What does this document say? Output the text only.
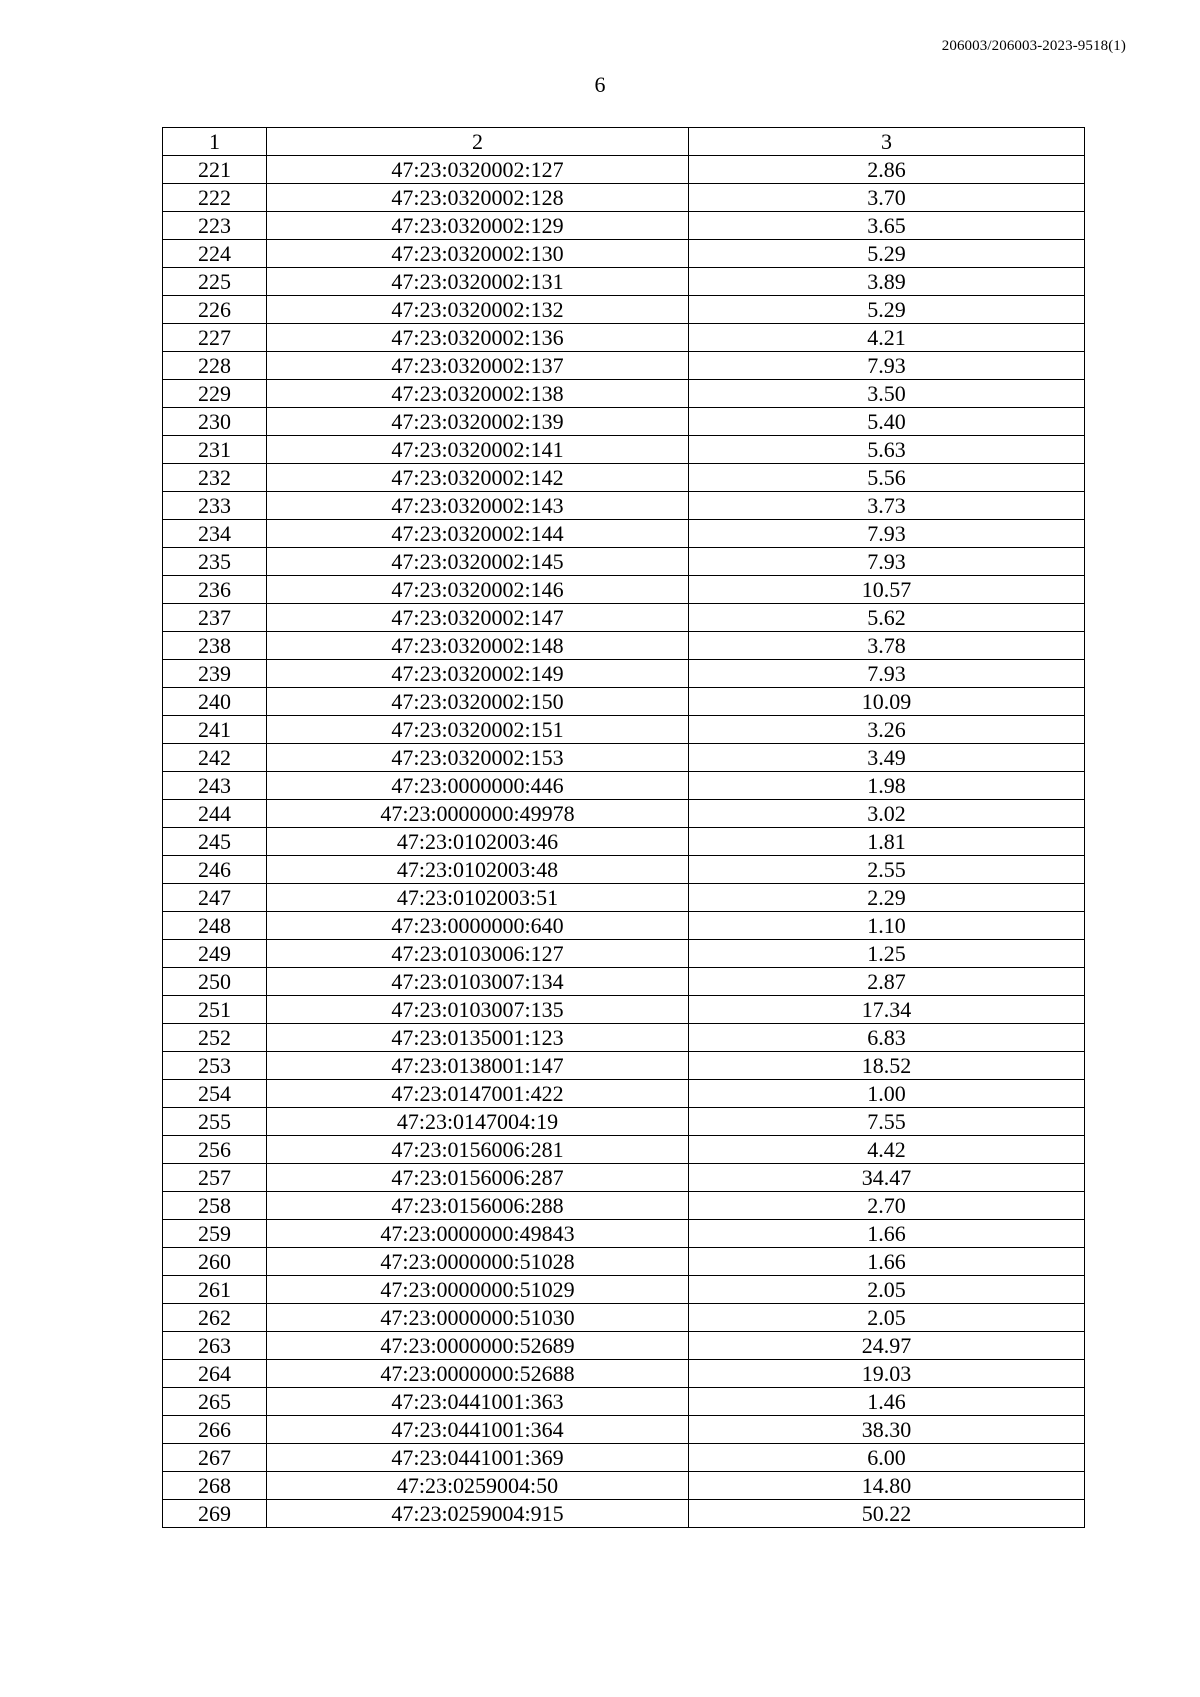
206003/206003-2023-9518(1)
6
1	2	3
221	47:23:0320002:127	2.86
222	47:23:0320002:128	3.70
223	47:23:0320002:129	3.65
224	47:23:0320002:130	5.29
225	47:23:0320002:131	3.89
226	47:23:0320002:132	5.29
227	47:23:0320002:136	4.21
228	47:23:0320002:137	7.93
229	47:23:0320002:138	3.50
230	47:23:0320002:139	5.40
231	47:23:0320002:141	5.63
232	47:23:0320002:142	5.56
233	47:23:0320002:143	3.73
234	47:23:0320002:144	7.93
235	47:23:0320002:145	7.93
236	47:23:0320002:146	10.57
237	47:23:0320002:147	5.62
238	47:23:0320002:148	3.78
239	47:23:0320002:149	7.93
240	47:23:0320002:150	10.09
241	47:23:0320002:151	3.26
242	47:23:0320002:153	3.49
243	47:23:0000000:446	1.98
244	47:23:0000000:49978	3.02
245	47:23:0102003:46	1.81
246	47:23:0102003:48	2.55
247	47:23:0102003:51	2.29
248	47:23:0000000:640	1.10
249	47:23:0103006:127	1.25
250	47:23:0103007:134	2.87
251	47:23:0103007:135	17.34
252	47:23:0135001:123	6.83
253	47:23:0138001:147	18.52
254	47:23:0147001:422	1.00
255	47:23:0147004:19	7.55
256	47:23:0156006:281	4.42
257	47:23:0156006:287	34.47
258	47:23:0156006:288	2.70
259	47:23:0000000:49843	1.66
260	47:23:0000000:51028	1.66
261	47:23:0000000:51029	2.05
262	47:23:0000000:51030	2.05
263	47:23:0000000:52689	24.97
264	47:23:0000000:52688	19.03
265	47:23:0441001:363	1.46
266	47:23:0441001:364	38.30
267	47:23:0441001:369	6.00
268	47:23:0259004:50	14.80
269	47:23:0259004:915	50.22
